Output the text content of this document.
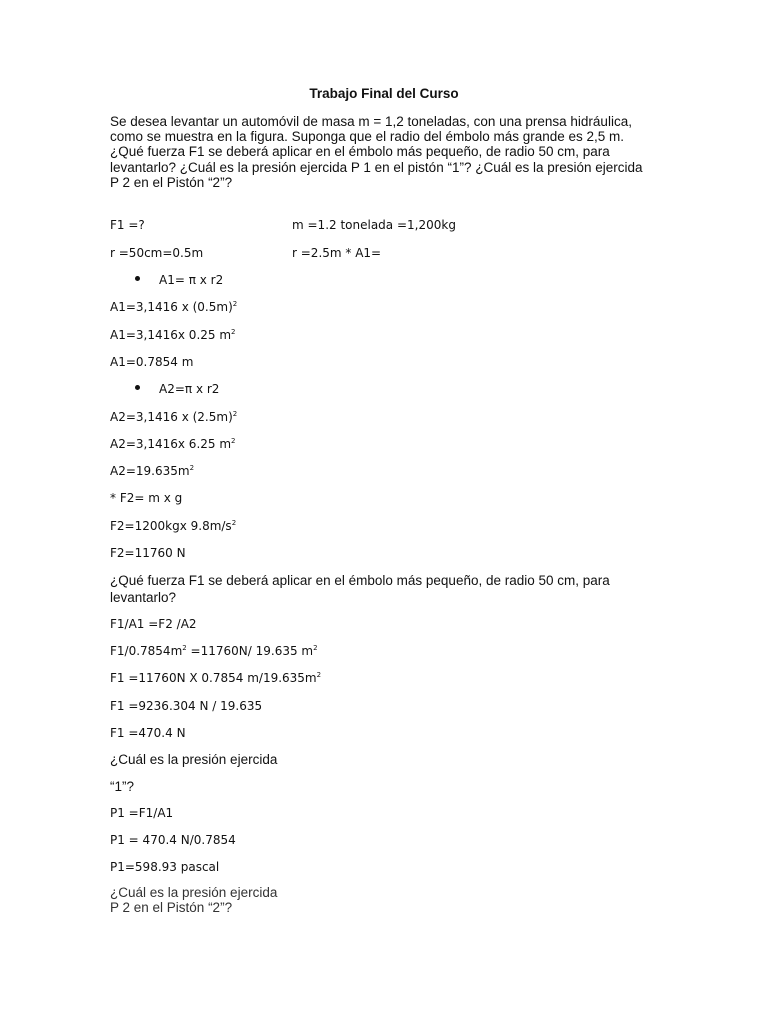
Trabajo Final del Curso
Se desea levantar un automóvil de masa m = 1,2 toneladas, con una prensa hidráulica,
como se muestra en la figura. Suponga que el radio del émbolo más grande es 2,5 m.
¿Qué fuerza F1 se deberá aplicar en el émbolo más pequeño, de radio 50 cm, para
levantarlo? ¿Cuál es la presión ejercida P 1 en el pistón “1”? ¿Cuál es la presión ejercida
P 2 en el Pistón “2”?
F1 =?	m =1.2 tonelada =1,200kg
r =50cm=0.5m	r =2.5m * A1=
A1= π x r2
A1=3,1416 x $(0.5m)^2$
A1=3,1416x 0.25 $m^2$
A1=0.7854 m
A2=π x r2
A2=3,1416 x $(2.5m)^2$
A2=3,1416x 6.25 $m^2$
$A2=19.635m^2$
* F2= m x g
F2=1200kgx $9.8m/s^2$
F2=11760 N
¿Qué fuerza F1 se deberá aplicar en el émbolo más pequeño, de radio 50 cm, para
levantarlo?
F1/A1 =F2 /A2
$F1/0.7854m^2 =11760N/$ 19.635 $m^2$
F1 =11760N X 0.7854 $m/19.635m^2$
F1 =9236.304 N / 19.635
F1 =470.4 N
¿Cuál es la presión ejercida
“1”?
P1 =F1/A1
P1 = 470.4 N/0.7854
P1=598.93 pascal
¿Cuál es la presión ejercida
P 2 en el Pistón “2”?
